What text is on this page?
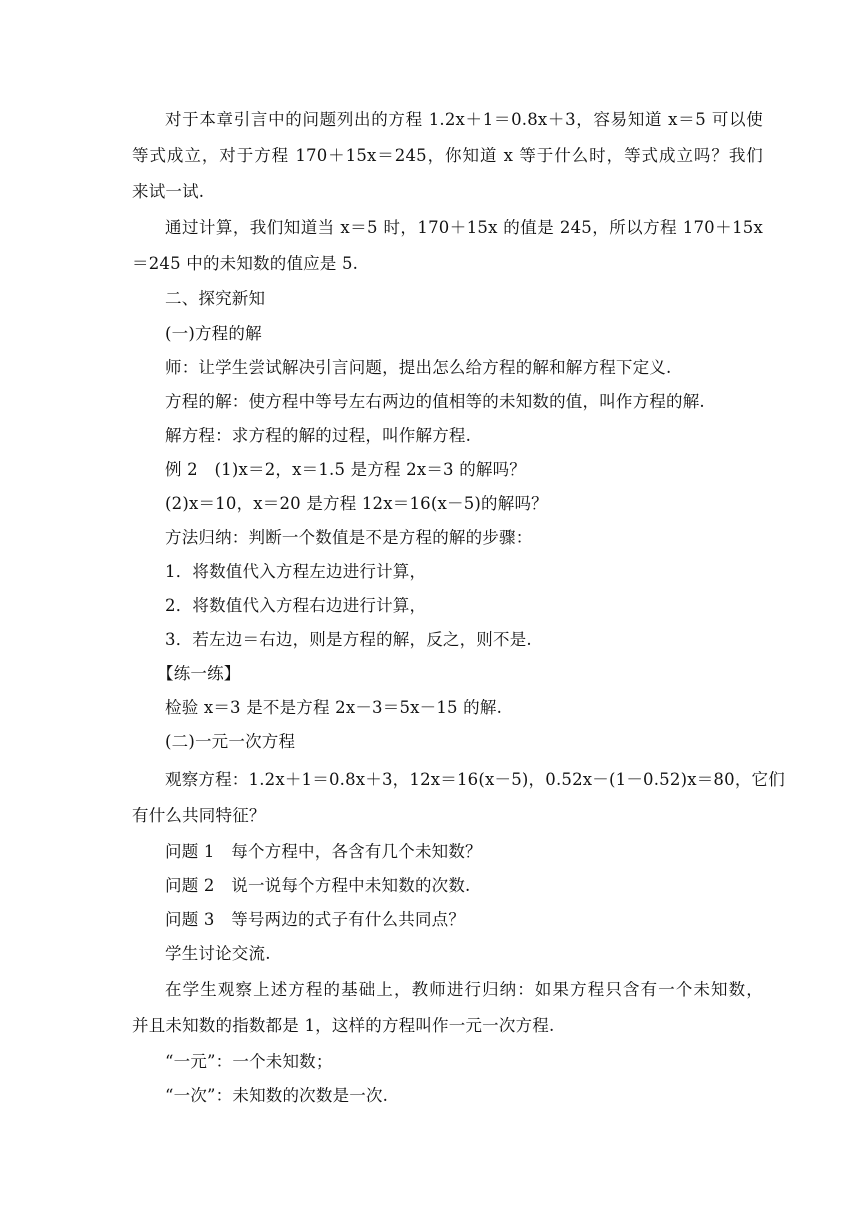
对于本章引言中的问题列出的方程 1.2x＋1＝0.8x＋3，容易知道 x＝5 可以使
等式成立，对于方程 170＋15x＝245，你知道 x 等于什么时，等式成立吗？我们
来试一试.
通过计算，我们知道当 x＝5 时，170＋15x 的值是 245，所以方程 170＋15x
＝245 中的未知数的值应是 5.
二、探究新知
(一)方程的解
师：让学生尝试解决引言问题，提出怎么给方程的解和解方程下定义.
方程的解：使方程中等号左右两边的值相等的未知数的值，叫作方程的解.
解方程：求方程的解的过程，叫作解方程.
例 2　(1)x＝2，x＝1.5 是方程 2x＝3 的解吗？
(2)x＝10，x＝20 是方程 12x＝16(x－5)的解吗？
方法归纳：判断一个数值是不是方程的解的步骤：
1．将数值代入方程左边进行计算，
2．将数值代入方程右边进行计算，
3．若左边＝右边，则是方程的解，反之，则不是.
【练一练】
检验 x＝3 是不是方程 2x－3＝5x－15 的解.
(二)一元一次方程
观察方程：1.2x＋1＝0.8x＋3，12x＝16(x－5)，0.52x－(1－0.52)x＝80，它们
有什么共同特征？
问题 1　每个方程中，各含有几个未知数？
问题 2　说一说每个方程中未知数的次数.
问题 3　等号两边的式子有什么共同点？
学生讨论交流.
在学生观察上述方程的基础上，教师进行归纳：如果方程只含有一个未知数，
并且未知数的指数都是 1，这样的方程叫作一元一次方程.
“一元”：一个未知数；
“一次”：未知数的次数是一次.
